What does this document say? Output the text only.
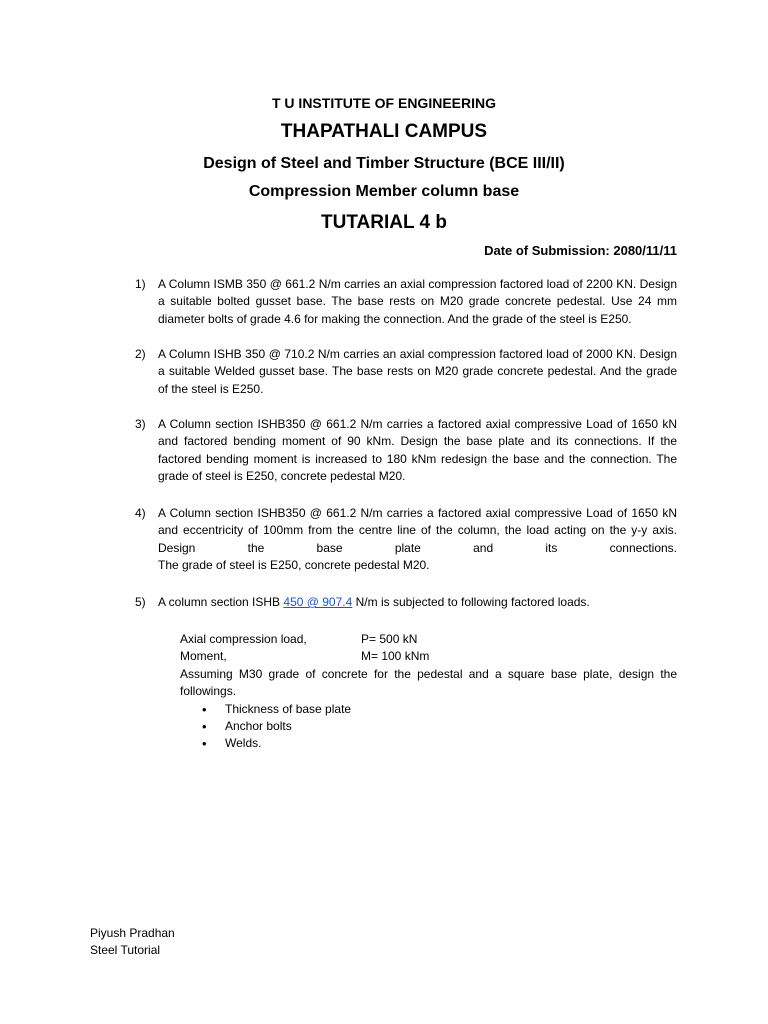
T U INSTITUTE OF ENGINEERING
THAPATHALI CAMPUS
Design of Steel and Timber Structure (BCE III/II)
Compression Member column base
TUTARIAL 4 b
Date of Submission: 2080/11/11
1)	A Column ISMB 350 @ 661.2 N/m carries an axial compression factored load of 2200 KN. Design a suitable bolted gusset base. The base rests on M20 grade concrete pedestal. Use 24 mm diameter bolts of grade 4.6 for making the connection. And the grade of the steel is E250.

2)	A Column ISHB 350 @ 710.2 N/m carries an axial compression factored load of 2000 KN. Design a suitable Welded gusset base. The base rests on M20 grade concrete pedestal. And the grade of the steel is E250.

3)	A Column section ISHB350 @ 661.2 N/m carries a factored axial compressive Load of 1650 kN and factored bending moment of 90 kNm. Design the base plate and its connections. If the factored bending moment is increased to 180 kNm redesign the base and the connection. The grade of steel is E250, concrete pedestal M20.

4)	A Column section ISHB350 @ 661.2 N/m carries a factored axial compressive Load of 1650 kN and eccentricity of 100mm from the centre line of the column, the load acting on the y-y axis. Design the base plate and its connections.

The grade of steel is E250, concrete pedestal M20.

5)	A column section ISHB 450 @ 907.4 N/m is subjected to following factored loads.

Axial compression load,	P= 500 kN
Moment,	M= 100 kNm
Assuming M30 grade of concrete for the pedestal and a square base plate, design the followings.
• Thickness of base plate
• Anchor bolts
• Welds.
Piyush Pradhan
Steel Tutorial
